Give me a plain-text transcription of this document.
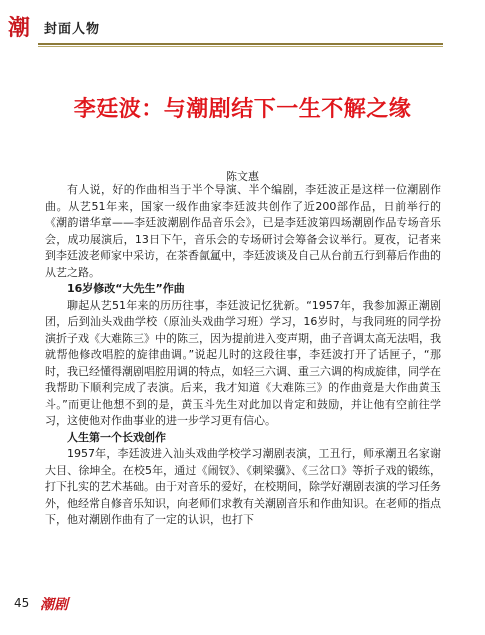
潮 封面人物
李廷波：与潮剧结下一生不解之缘
陈文惠

有人说，好的作曲相当于半个导演、半个编剧，李廷波正是这样一位潮剧作曲。从艺51年来，国家一级作曲家李廷波共创作了近200部作品，日前举行的《潮韵谱华章——李廷波潮剧作品音乐会》，已是李廷波第四场潮剧作品专场音乐会，成功展演后，13日下午，音乐会的专场研讨会筹备会议举行。夏夜，记者来到李廷波老师家中采访，在茶香氤氲中，李廷波谈及自己从台前五行到幕后作曲的从艺之路。

16岁修改“大先生”作曲

聊起从艺51年来的历历往事，李廷波记忆犹新。“1957年，我参加源正潮剧团，后到汕头戏曲学校（原汕头戏曲学习班）学习，16岁时，与我同班的同学扮演折子戏《大难陈三》中的陈三，因为提前进入变声期，曲子音调太高无法唱，我就帮他修改唱腔的旋律曲调。”说起儿时的这段往事，李廷波打开了话匣子，“那时，我已经懂得潮剧唱腔用调的特点，如轻三六调、重三六调的构成旋律，同学在我帮助下顺利完成了表演。后来，我才知道《大难陈三》的作曲竟是大作曲黄玉斗。”而更让他想不到的是，黄玉斗先生对此加以肯定和鼓励，并让他有空前往学习，这使他对作曲事业的进一步学习更有信心。

人生第一个长戏创作

1957年，李廷波进入汕头戏曲学校学习潮剧表演，工丑行，师承潮丑名家谢大目、徐坤全。在校5年，通过《闹钗》、《刺梁骥》、《三岔口》等折子戏的锻练，打下扎实的艺术基础。由于对音乐的爱好，在校期间，除学好潮剧表演的学习任务外，他经常自修音乐知识，向老师们求教有关潮剧音乐和作曲知识。在老师的指点下，他对潮剧作曲有了一定的认识，也打下

45 潮剧
